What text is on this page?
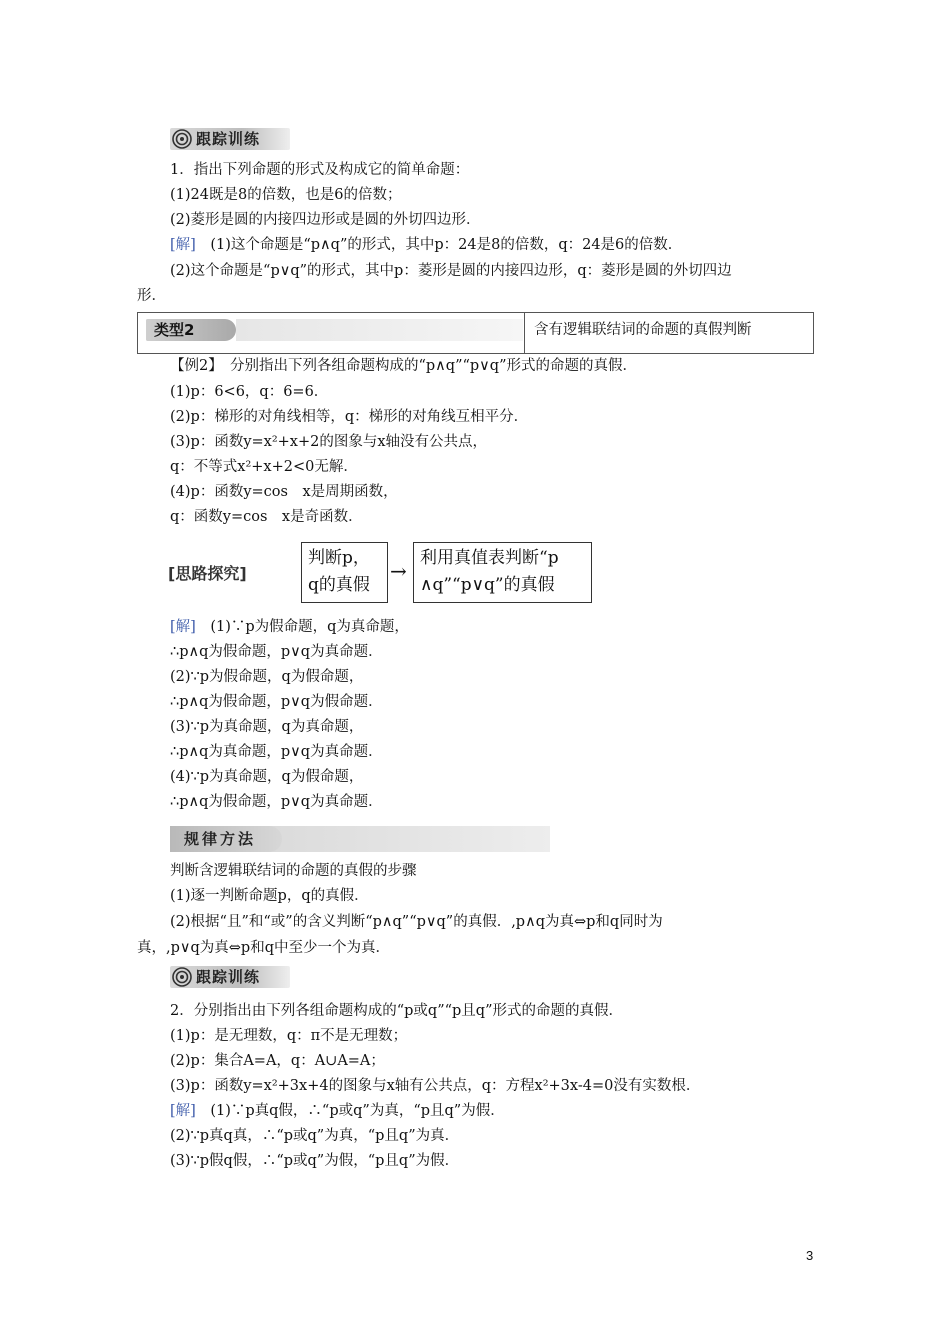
跟踪训练
1．指出下列命题的形式及构成它的简单命题：
(1)24既是8的倍数，也是6的倍数；
(2)菱形是圆的内接四边形或是圆的外切四边形．
[解]　(1)这个命题是“p∧q”的形式，其中p：24是8的倍数，q：24是6的倍数．
(2)这个命题是“p∨q”的形式，其中p：菱形是圆的内接四边形，q：菱形是圆的外切四边
形．
类型2	含有逻辑联结词的命题的真假判断
【例2】　分别指出下列各组命题构成的“p∧q”“p∨q”形式的命题的真假．
(1)p：6<6，q：6=6．
(2)p：梯形的对角线相等，q：梯形的对角线互相平分．
(3)p：函数y=x²+x+2的图象与x轴没有公共点，
q：不等式x²+x+2<0无解．
(4)p：函数y=cos　x是周期函数，
q：函数y=cos　x是奇函数．
[思路探究]
判断p，
q的真假
→
利用真值表判断“p
∧q”“p∨q”的真假
[解]　(1)∵p为假命题，q为真命题，
∴p∧q为假命题，p∨q为真命题．
(2)∵p为假命题，q为假命题，
∴p∧q为假命题，p∨q为假命题．
(3)∵p为真命题，q为真命题，
∴p∧q为真命题，p∨q为真命题．
(4)∵p为真命题，q为假命题，
∴p∧q为假命题，p∨q为真命题．
规律方法
判断含逻辑联结词的命题的真假的步骤
(1)逐一判断命题p，q的真假．
(2)根据“且”和“或”的含义判断“p∧q”“p∨q”的真假．,p∧q为真⇔p和q同时为
真，,p∨q为真⇔p和q中至少一个为真．
跟踪训练
2．分别指出由下列各组命题构成的“p或q”“p且q”形式的命题的真假．
(1)p：是无理数，q：π不是无理数；
(2)p：集合A=A，q：A∪A=A；
(3)p：函数y=x²+3x+4的图象与x轴有公共点，q：方程x²+3x-4=0没有实数根．
[解]　(1)∵p真q假，∴“p或q”为真，“p且q”为假．
(2)∵p真q真，∴“p或q”为真，“p且q”为真．
(3)∵p假q假，∴“p或q”为假，“p且q”为假．
3
